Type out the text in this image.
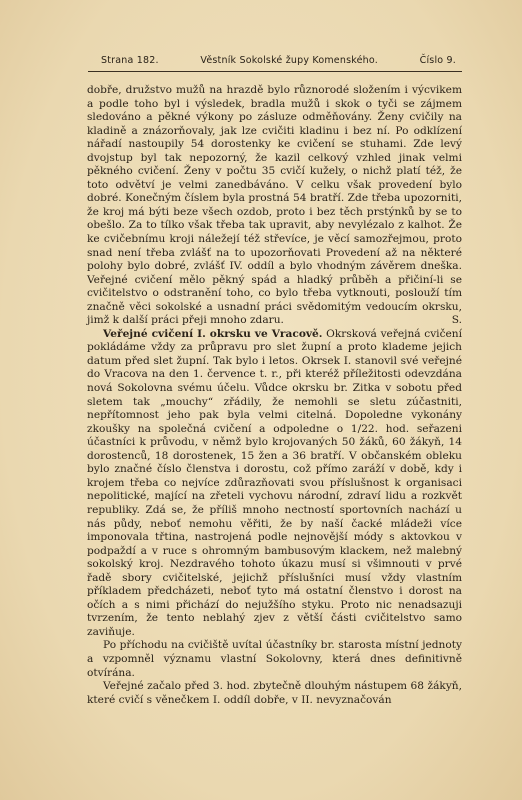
Strana 182.	Věstník Sokolské župy Komenského.	Číslo 9.

dobře, družstvo mužů na hrazdě bylo různorodé složením i výcvikem a podle toho byl i výsledek, bradla mužů i skok o tyči se zájmem sledováno a pěkné výkony po zásluze odměňovány. Ženy cvičily na kladině a znázorňovaly, jak lze cvičiti kladinu i bez ní. Po odklízení nářadí nastoupily 54 dorostenky ke cvičení se stuhami. Zde levý dvojstup byl tak nepozorný, že kazil celkový vzhled jinak velmi pěkného cvičení. Ženy v počtu 35 cvičí kužely, o nichž platí též, že toto odvětví je velmi zanedbáváno. V celku však provedení bylo dobré. Konečným číslem byla prostná 54 bratří. Zde třeba upozorniti, že kroj má býti beze všech ozdob, proto i bez těch prstýnků by se to obešlo. Za to tílko však třeba tak upravit, aby nevylézalo z kalhot. Že ke cvičebnímu kroji náležejí též střevíce, je věcí samozřejmou, proto snad není třeba zvlášť na to upozorňovati Provedení až na některé polohy bylo dobré, zvlášť IV. oddíl a bylo vhodným závěrem dneška. Veřejné cvičení mělo pěkný spád a hladký průběh a přičiní-li se cvičitelstvo o odstranění toho, co bylo třeba vytknouti, poslouží tím značně věci sokolské a usnadní práci svědomitým vedoucím okrsku, jimž k další práci přeji mnoho zdaru.	S.

Veřejné cvičení I. okrsku ve Vracově. Okrsková veřejná cvičení pokládáme vždy za průpravu pro slet župní a proto klademe jejich datum před slet župní. Tak bylo i letos. Okrsek I. stanovil své veřejné do Vracova na den 1. července t. r., při kteréž příležitosti odevzdána nová Sokolovna svému účelu. Vůdce okrsku br. Zitka v sobotu před sletem tak „mouchy“ zřádily, že nemohli se sletu zúčastniti, nepřítomnost jeho pak byla velmi citelná. Dopoledne vykonány zkoušky na společná cvičení a odpoledne o 1/22. hod. seřazeni účastníci k průvodu, v němž bylo krojovaných 50 žáků, 60 žákyň, 14 dorostenců, 18 dorostenek, 15 žen a 36 bratří. V občanském obleku bylo značné číslo členstva i dorostu, což přímo zaráží v době, kdy i krojem třeba co nejvíce zdůrazňovati svou příslušnost k organisaci nepolitické, mající na zřeteli vychovu národní, zdraví lidu a rozkvět republiky. Zdá se, že příliš mnoho nectností sportovních nachází u nás půdy, neboť nemohu věřiti, že by naší čacké mládeži více imponovala třtina, nastrojená podle nejnovější módy s aktovkou v podpaždí a v ruce s ohromným bambusovým klackem, než malebný sokolský kroj. Nezdravého tohoto úkazu musí si všimnouti v prvé řadě sbory cvičitelské, jejichž příslušníci musí vždy vlastním příkladem předcházeti, neboť tyto má ostatní členstvo i dorost na očích a s nimi přichází do nejužšího styku. Proto nic nenadsazuji tvrzením, že tento neblahý zjev z větší části cvičitelstvo samo zaviňuje.

Po příchodu na cvičiště uvítal účastníky br. starosta místní jednoty a vzpomněl významu vlastní Sokolovny, která dnes definitivně otvírána.

Veřejné začalo před 3. hod. zbytečně dlouhým nástupem 68 žákyň, které cvičí s věnečkem I. oddíl dobře, v II. nevyznačován
